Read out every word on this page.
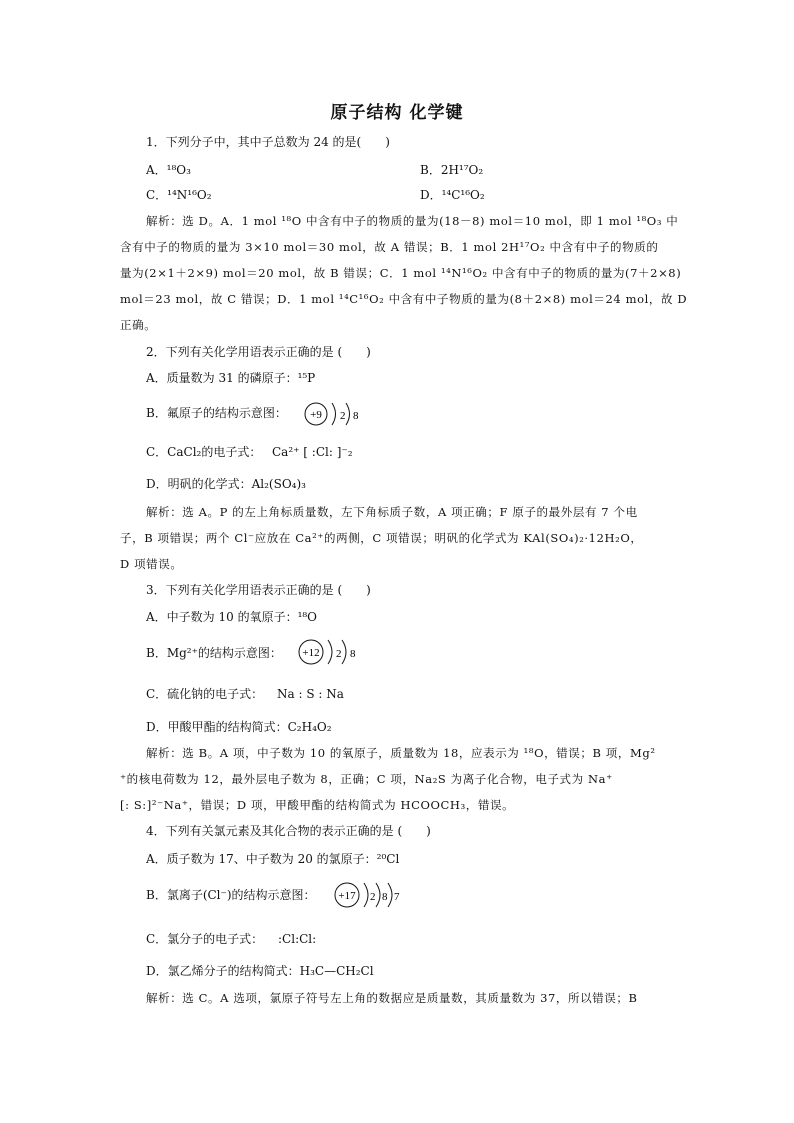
原子结构 化学键
1．下列分子中，其中子总数为 24 的是(　　)
A．¹⁸O₃	B．2H¹⁷O₂
C．¹⁴N¹⁶O₂	D．¹⁴C¹⁶O₂
解析：选 D。A．1 mol ¹⁸O 中含有中子的物质的量为(18－8) mol＝10 mol，即 1 mol ¹⁸O₃ 中
含有中子的物质的量为 3×10 mol＝30 mol，故 A 错误；B．1 mol 2H¹⁷O₂ 中含有中子的物质的
量为(2×1＋2×9) mol＝20 mol，故 B 错误；C．1 mol ¹⁴N¹⁶O₂ 中含有中子的物质的量为(7＋2×8)
mol＝23 mol，故 C 错误；D．1 mol ¹⁴C¹⁶O₂ 中含有中子物质的量为(8＋2×8) mol＝24 mol，故 D
正确。
2．下列有关化学用语表示正确的是 (　　)
A．质量数为 31 的磷原子：¹⁵P
B．氟原子的结构示意图： +9 2 8
C．CaCl₂的电子式： Ca²⁺ [ :Cl: ]⁻₂
D．明矾的化学式：Al₂(SO₄)₃
解析：选 A。P 的左上角标质量数，左下角标质子数，A 项正确；F 原子的最外层有 7 个电
子，B 项错误；两个 Cl⁻应放在 Ca²⁺的两侧，C 项错误；明矾的化学式为 KAl(SO₄)₂·12H₂O，
D 项错误。
3．下列有关化学用语表示正确的是 (　　)
A．中子数为 10 的氧原子：¹⁸O
B．Mg²⁺的结构示意图： +12 2 8
C．硫化钠的电子式： Na : S : Na
D．甲酸甲酯的结构简式：C₂H₄O₂
解析：选 B。A 项，中子数为 10 的氧原子，质量数为 18，应表示为 ¹⁸O，错误；B 项，Mg²
⁺的核电荷数为 12，最外层电子数为 8，正确；C 项，Na₂S 为离子化合物，电子式为 Na⁺
[: S:]²⁻Na⁺，错误；D 项，甲酸甲酯的结构简式为 HCOOCH₃，错误。
4．下列有关氯元素及其化合物的表示正确的是 (　　)
A．质子数为 17、中子数为 20 的氯原子：²⁰Cl
B．氯离子(Cl⁻)的结构示意图： +17 2 8 7
C．氯分子的电子式： :Cl:Cl:
D．氯乙烯分子的结构简式：H₃C—CH₂Cl
解析：选 C。A 选项，氯原子符号左上角的数据应是质量数，其质量数为 37，所以错误；B
